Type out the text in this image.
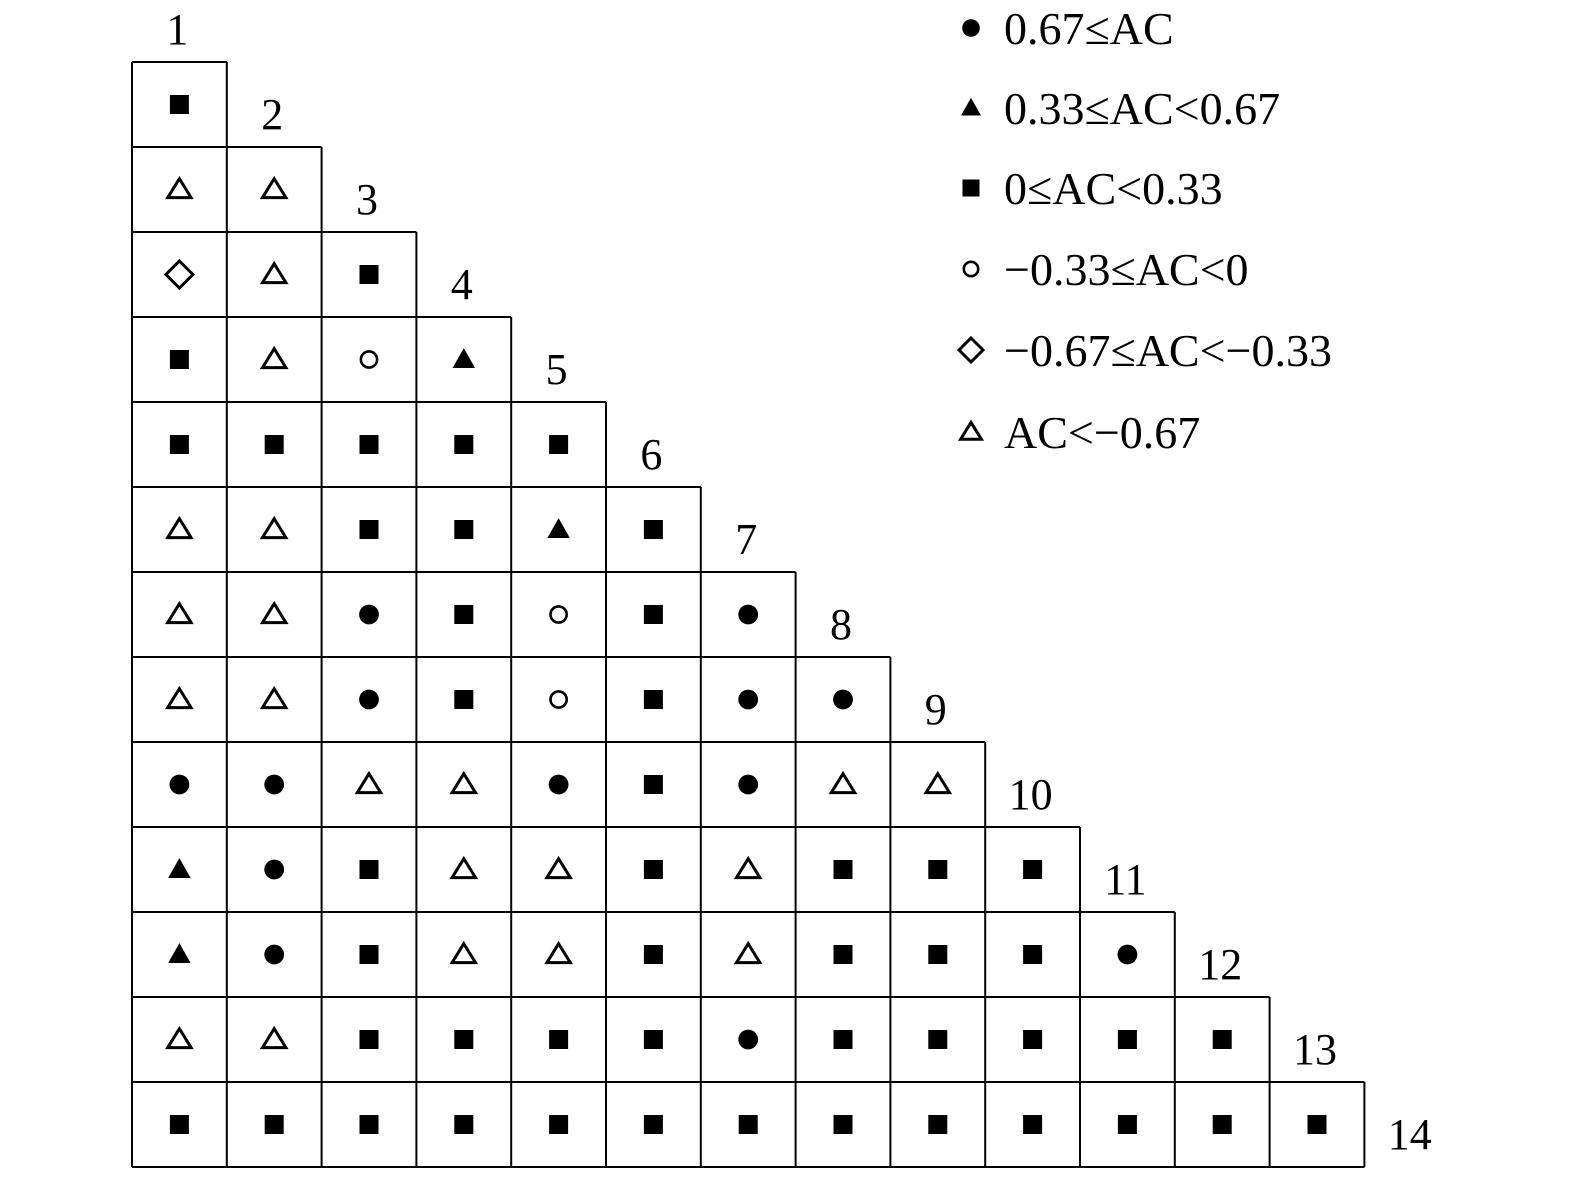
1
2
3
4
5
6
7
8
9
10
11
12
13
14
0.67≤AC
0.33≤AC<0.67
0≤AC<0.33
−0.33≤AC<0
−0.67≤AC<−0.33
AC<−0.67
